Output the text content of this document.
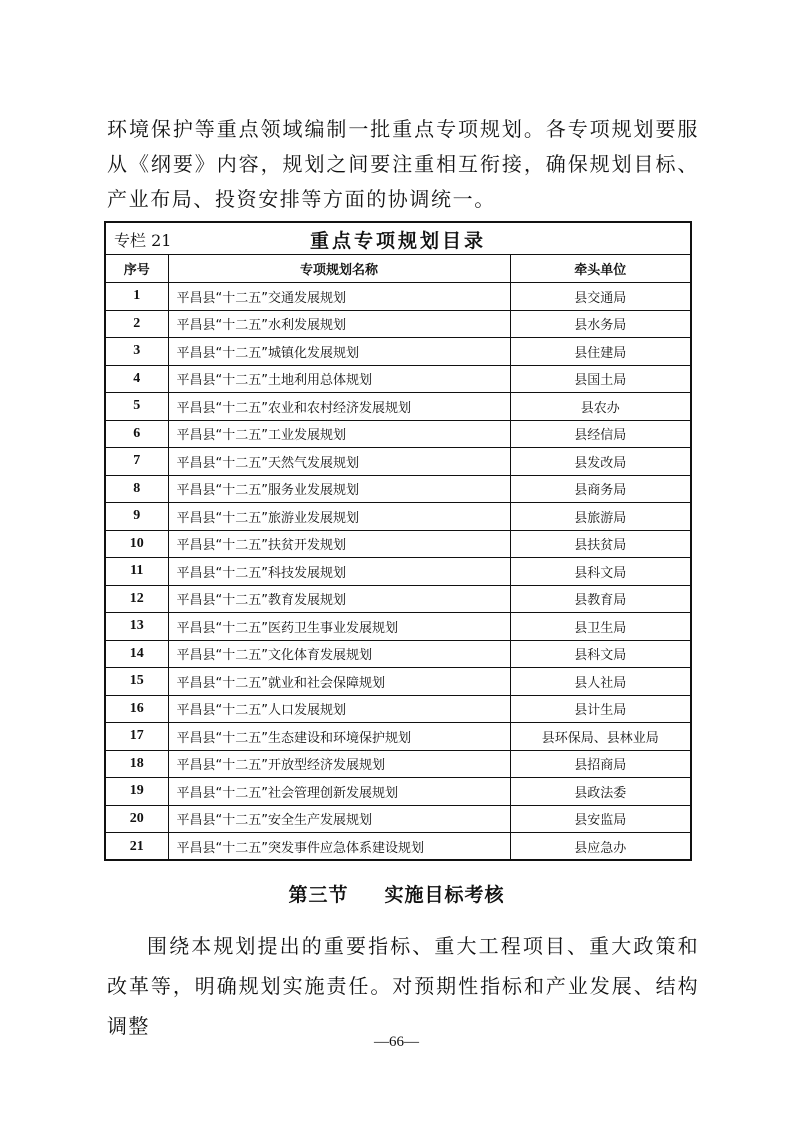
环境保护等重点领域编制一批重点专项规划。各专项规划要服从《纲要》内容，规划之间要注重相互衔接，确保规划目标、产业布局、投资安排等方面的协调统一。

专栏 21	重点专项规划目录
序号	专项规划名称	牵头单位
1	平昌县“十二五”交通发展规划	县交通局
2	平昌县“十二五”水利发展规划	县水务局
3	平昌县“十二五”城镇化发展规划	县住建局
4	平昌县“十二五”土地利用总体规划	县国土局
5	平昌县“十二五”农业和农村经济发展规划	县农办
6	平昌县“十二五”工业发展规划	县经信局
7	平昌县“十二五”天然气发展规划	县发改局
8	平昌县“十二五”服务业发展规划	县商务局
9	平昌县“十二五”旅游业发展规划	县旅游局
10	平昌县“十二五”扶贫开发规划	县扶贫局
11	平昌县“十二五”科技发展规划	县科文局
12	平昌县“十二五”教育发展规划	县教育局
13	平昌县“十二五”医药卫生事业发展规划	县卫生局
14	平昌县“十二五”文化体育发展规划	县科文局
15	平昌县“十二五”就业和社会保障规划	县人社局
16	平昌县“十二五”人口发展规划	县计生局
17	平昌县“十二五”生态建设和环境保护规划	县环保局、县林业局
18	平昌县“十二五”开放型经济发展规划	县招商局
19	平昌县“十二五”社会管理创新发展规划	县政法委
20	平昌县“十二五”安全生产发展规划	县安监局
21	平昌县“十二五”突发事件应急体系建设规划	县应急办
第三节 实施目标考核

围绕本规划提出的重要指标、重大工程项目、重大政策和改革等，明确规划实施责任。对预期性指标和产业发展、结构调整

—66—
